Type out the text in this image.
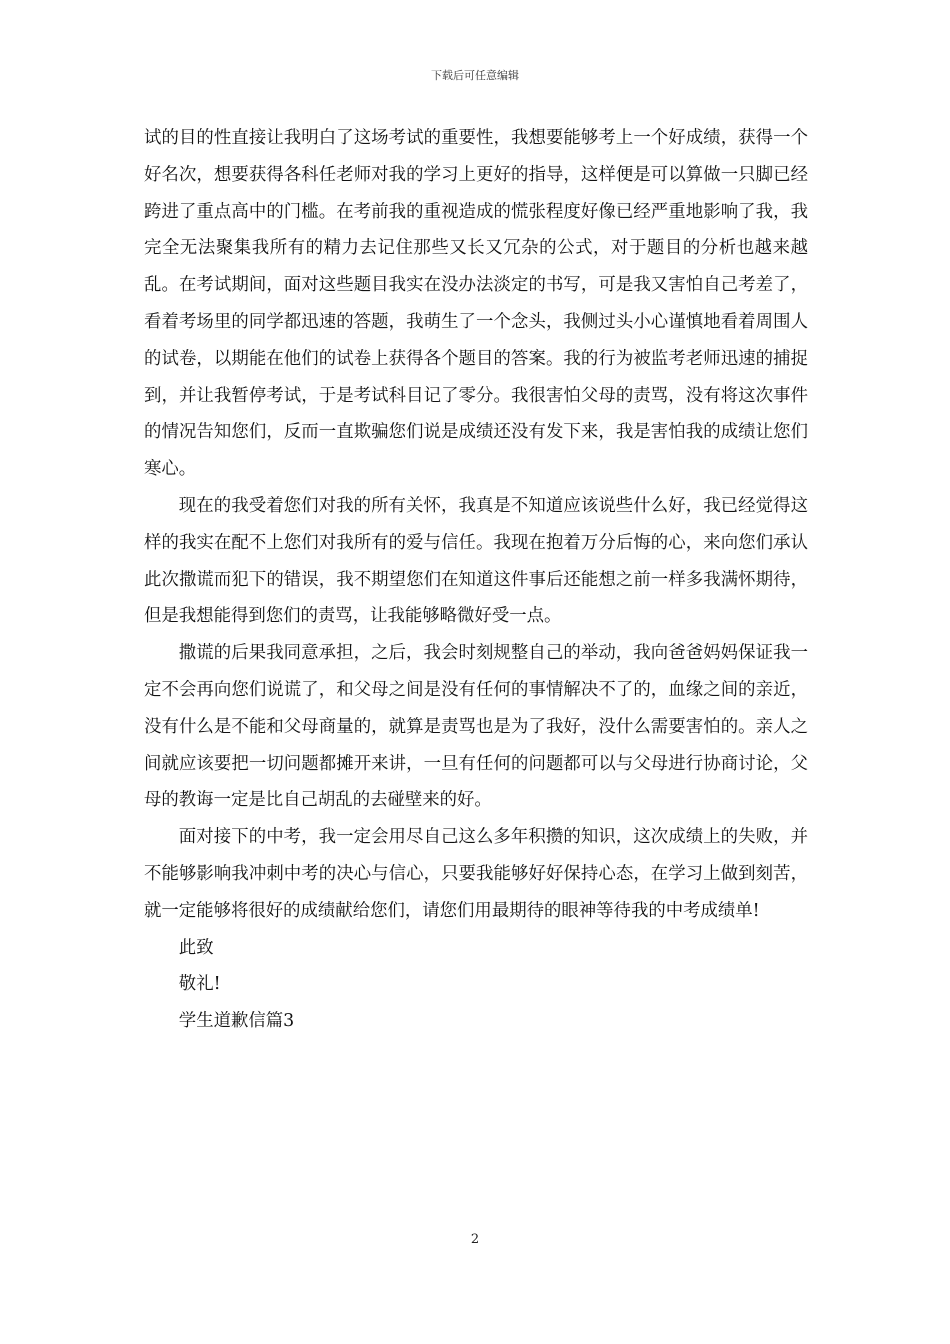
下载后可任意编辑

试的目的性直接让我明白了这场考试的重要性，我想要能够考上一个好成绩，获得一个好名次，想要获得各科任老师对我的学习上更好的指导，这样便是可以算做一只脚已经跨进了重点高中的门槛。在考前我的重视造成的慌张程度好像已经严重地影响了我，我完全无法聚集我所有的精力去记住那些又长又冗杂的公式，对于题目的分析也越来越乱。在考试期间，面对这些题目我实在没办法淡定的书写，可是我又害怕自己考差了，看着考场里的同学都迅速的答题，我萌生了一个念头，我侧过头小心谨慎地看着周围人的试卷，以期能在他们的试卷上获得各个题目的答案。我的行为被监考老师迅速的捕捉到，并让我暂停考试，于是考试科目记了零分。我很害怕父母的责骂，没有将这次事件的情况告知您们，反而一直欺骗您们说是成绩还没有发下来，我是害怕我的成绩让您们寒心。

现在的我受着您们对我的所有关怀，我真是不知道应该说些什么好，我已经觉得这样的我实在配不上您们对我所有的爱与信任。我现在抱着万分后悔的心，来向您们承认此次撒谎而犯下的错误，我不期望您们在知道这件事后还能想之前一样多我满怀期待，但是我想能得到您们的责骂，让我能够略微好受一点。

撒谎的后果我同意承担，之后，我会时刻规整自己的举动，我向爸爸妈妈保证我一定不会再向您们说谎了，和父母之间是没有任何的事情解决不了的，血缘之间的亲近，没有什么是不能和父母商量的，就算是责骂也是为了我好，没什么需要害怕的。亲人之间就应该要把一切问题都摊开来讲，一旦有任何的问题都可以与父母进行协商讨论，父母的教诲一定是比自己胡乱的去碰壁来的好。

面对接下的中考，我一定会用尽自己这么多年积攒的知识，这次成绩上的失败，并不能够影响我冲刺中考的决心与信心，只要我能够好好保持心态，在学习上做到刻苦，就一定能够将很好的成绩献给您们，请您们用最期待的眼神等待我的中考成绩单!

此致

敬礼!

学生道歉信篇3

2
